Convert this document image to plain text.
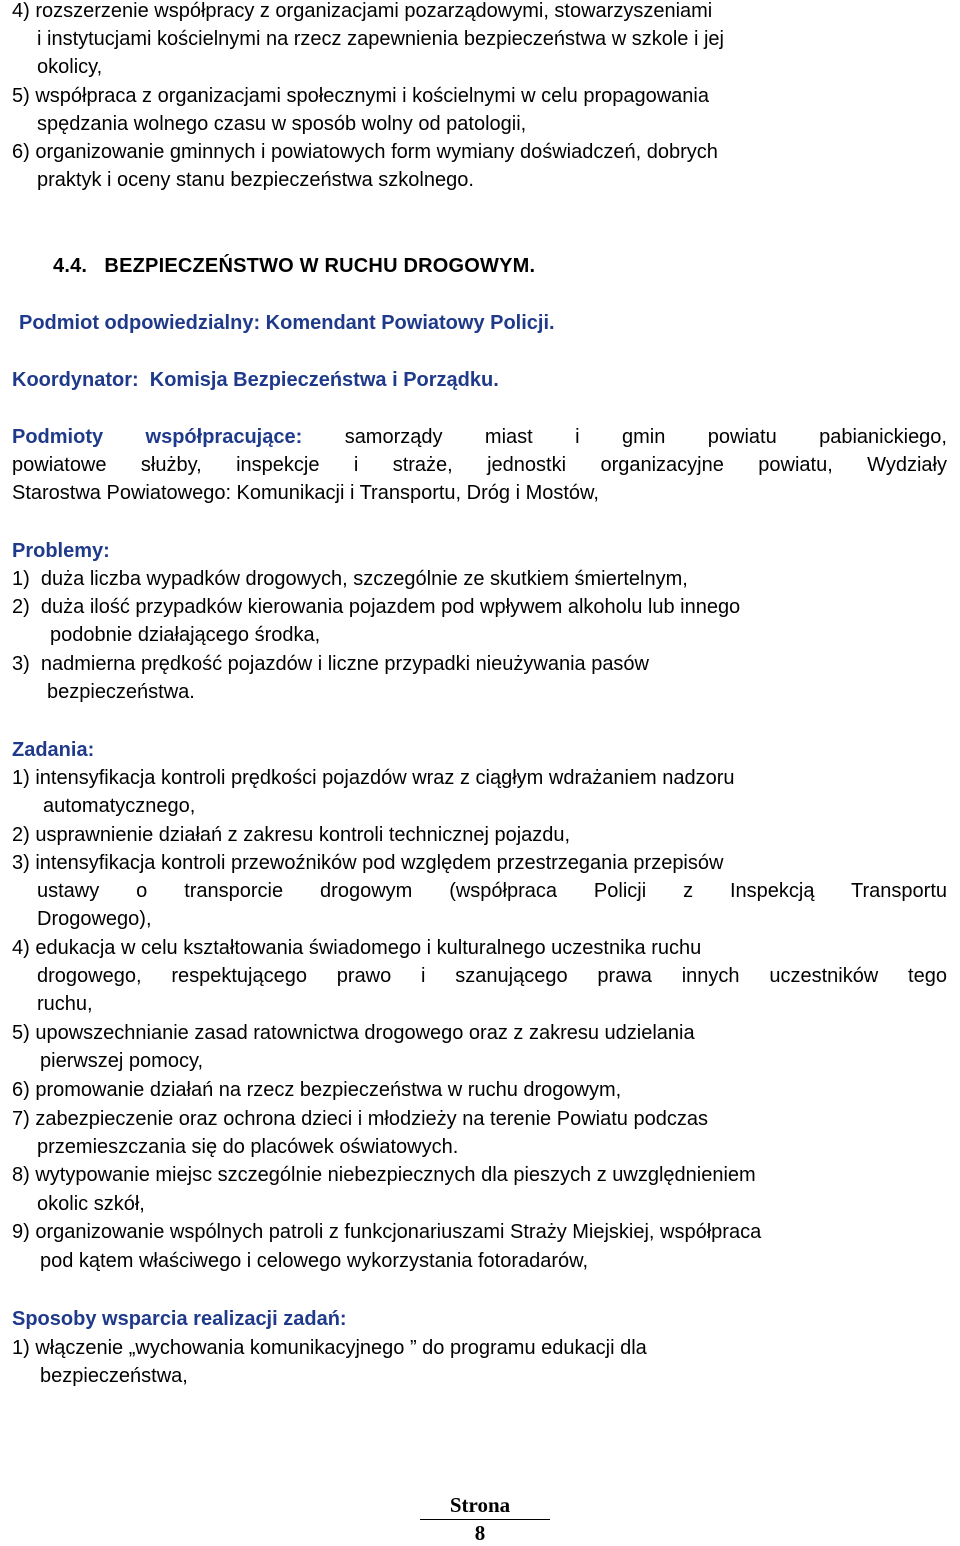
4) rozszerzenie współpracy z organizacjami pozarządowymi, stowarzyszeniami
i instytucjami kościelnymi na rzecz zapewnienia bezpieczeństwa w szkole i jej
okolicy,
5) współpraca z organizacjami społecznymi i kościelnymi w celu propagowania
spędzania wolnego czasu w sposób wolny od patologii,
6) organizowanie gminnych i powiatowych form wymiany doświadczeń, dobrych
praktyk i oceny stanu bezpieczeństwa szkolnego.
4.4.   BEZPIECZEŃSTWO W RUCHU DROGOWYM.
Podmiot odpowiedzialny: Komendant Powiatowy Policji.
Koordynator:  Komisja Bezpieczeństwa i Porządku.
Podmioty  współpracujące: samorządy  miast  i  gmin  powiatu  pabianickiego,
powiatowe służby, inspekcje i straże, jednostki organizacyjne powiatu, Wydziały
Starostwa Powiatowego: Komunikacji i Transportu, Dróg i Mostów,
Problemy:
1)  duża liczba wypadków drogowych, szczególnie ze skutkiem śmiertelnym,
2)  duża ilość przypadków kierowania pojazdem pod wpływem alkoholu lub innego
podobnie działającego środka,
3)  nadmierna prędkość pojazdów i liczne przypadki nieużywania pasów
bezpieczeństwa.
Zadania:
1) intensyfikacja kontroli prędkości pojazdów wraz z ciągłym wdrażaniem nadzoru
automatycznego,
2) usprawnienie działań z zakresu kontroli technicznej pojazdu,
3) intensyfikacja kontroli przewoźników pod względem przestrzegania przepisów
ustawy o transporcie drogowym (współpraca Policji z Inspekcją Transportu
Drogowego),
4) edukacja w celu kształtowania świadomego i kulturalnego uczestnika ruchu
drogowego, respektującego prawo i szanującego prawa innych uczestników tego
ruchu,
5) upowszechnianie zasad ratownictwa drogowego oraz z zakresu udzielania
pierwszej pomocy,
6) promowanie działań na rzecz bezpieczeństwa w ruchu drogowym,
7) zabezpieczenie oraz ochrona dzieci i młodzieży na terenie Powiatu podczas
przemieszczania się do placówek oświatowych.
8) wytypowanie miejsc szczególnie niebezpiecznych dla pieszych z uwzględnieniem
okolic szkół,
9) organizowanie wspólnych patroli z funkcjonariuszami Straży Miejskiej, współpraca
pod kątem właściwego i celowego wykorzystania fotoradarów,
Sposoby wsparcia realizacji zadań:
1) włączenie „wychowania komunikacyjnego ” do programu edukacji dla
bezpieczeństwa,
Strona
8
